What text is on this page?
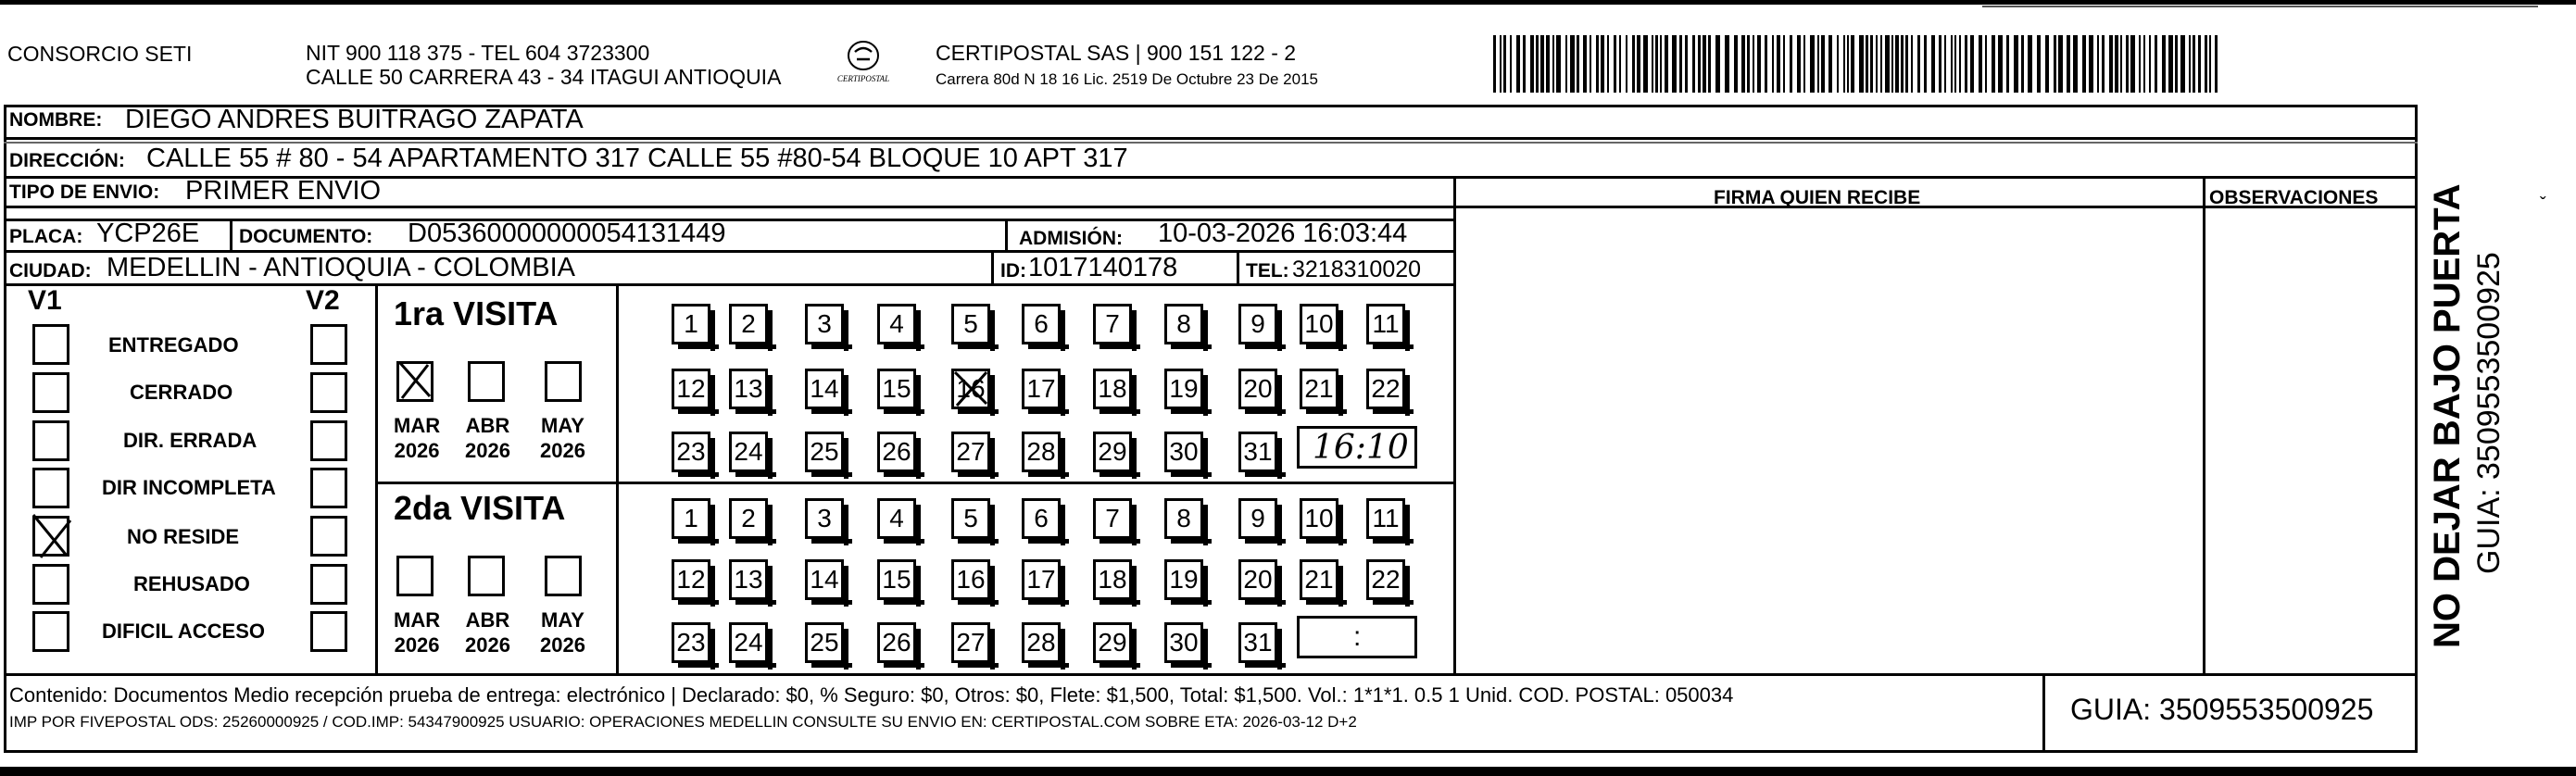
CONSORCIO SETI	NIT 900 118 375 - TEL 604 3723300
CALLE 50 CARRERA 43 - 34 ITAGUI ANTIOQUIA	CERTIPOSTAL
CERTIPOSTAL SAS | 900 151 122 - 2
Carrera 80d N 18 16 Lic. 2519 De Octubre 23 De 2015
NOMBRE: DIEGO ANDRES BUITRAGO ZAPATA
DIRECCIÓN: CALLE 55 # 80 - 54 APARTAMENTO 317 CALLE 55 #80-54 BLOQUE 10 APT 317
TIPO DE ENVIO: PRIMER ENVIO	FIRMA QUIEN RECIBE	OBSERVACIONES
PLACA: YCP26E DOCUMENTO: D05360000000054131449	ADMISIÓN: 10-03-2026 16:03:44
CIUDAD: MEDELLIN - ANTIOQUIA - COLOMBIA	ID: 1017140178	TEL: 3218310020
V1	V2
ENTREGADO
CERRADO
DIR. ERRADA
DIR INCOMPLETA
NO RESIDE
REHUSADO
DIFICIL ACCESO
1ra VISITA
2da VISITA
MAR
2026
ABR
2026
MAY
2026
MAR
2026
ABR
2026
MAY
2026
1	2	3	4	5	6	7	8	9	10 11
12 13 14 15 16 17 18 19 20 21 22
23 24 25 26 27 28 29 30 31
1	2	3	4	5	6	7	8	9	10 11
12 13 14 15 16 17 18 19 20 21 22
23 24 25 26 27 28 29 30 31
16:10
:
Contenido: Documentos Medio recepción prueba de entrega: electrónico | Declarado: $0, % Seguro: $0, Otros: $0, Flete: $1,500, Total: $1,500. Vol.: 1*1*1. 0.5 1 Unid. COD. POSTAL: 050034
IMP POR FIVEPOSTAL ODS: 25260000925 / COD.IMP: 54347900925 USUARIO: OPERACIONES MEDELLIN CONSULTE SU ENVIO EN: CERTIPOSTAL.COM SOBRE ETA: 2026-03-12 D+2	GUIA: 3509553500925
NO DEJAR BAJO PUERTA GUIA: 3509553500925
ˇ
